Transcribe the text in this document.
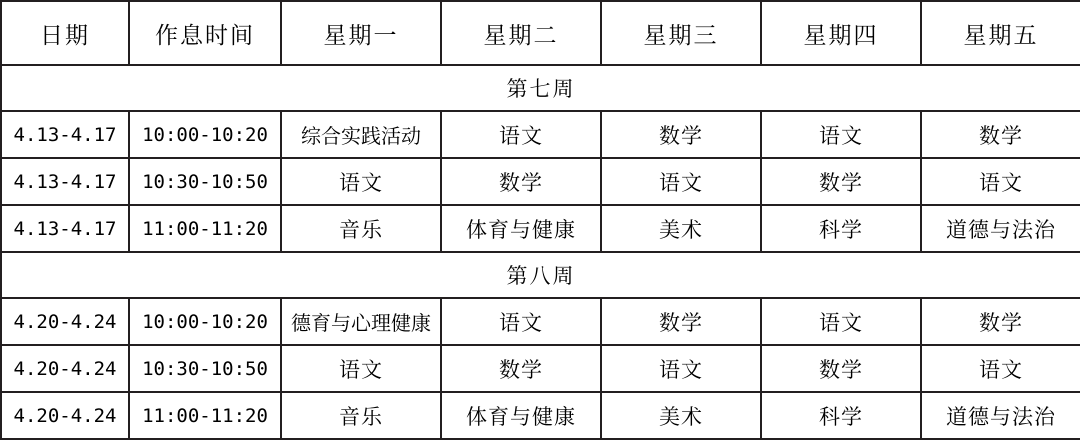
日期	作息时间	星期一	星期二	星期三	星期四	星期五
第七周						
4.13-4.17	10:00-10:20	综合实践活动	语文	数学	语文	数学
4.13-4.17	10:30-10:50	语文	数学	语文	数学	语文
4.13-4.17	11:00-11:20	音乐	体育与健康	美术	科学	道德与法治
第八周						
4.20-4.24	10:00-10:20	德育与心理健康	语文	数学	语文	数学
4.20-4.24	10:30-10:50	语文	数学	语文	数学	语文
4.20-4.24	11:00-11:20	音乐	体育与健康	美术	科学	道德与法治
